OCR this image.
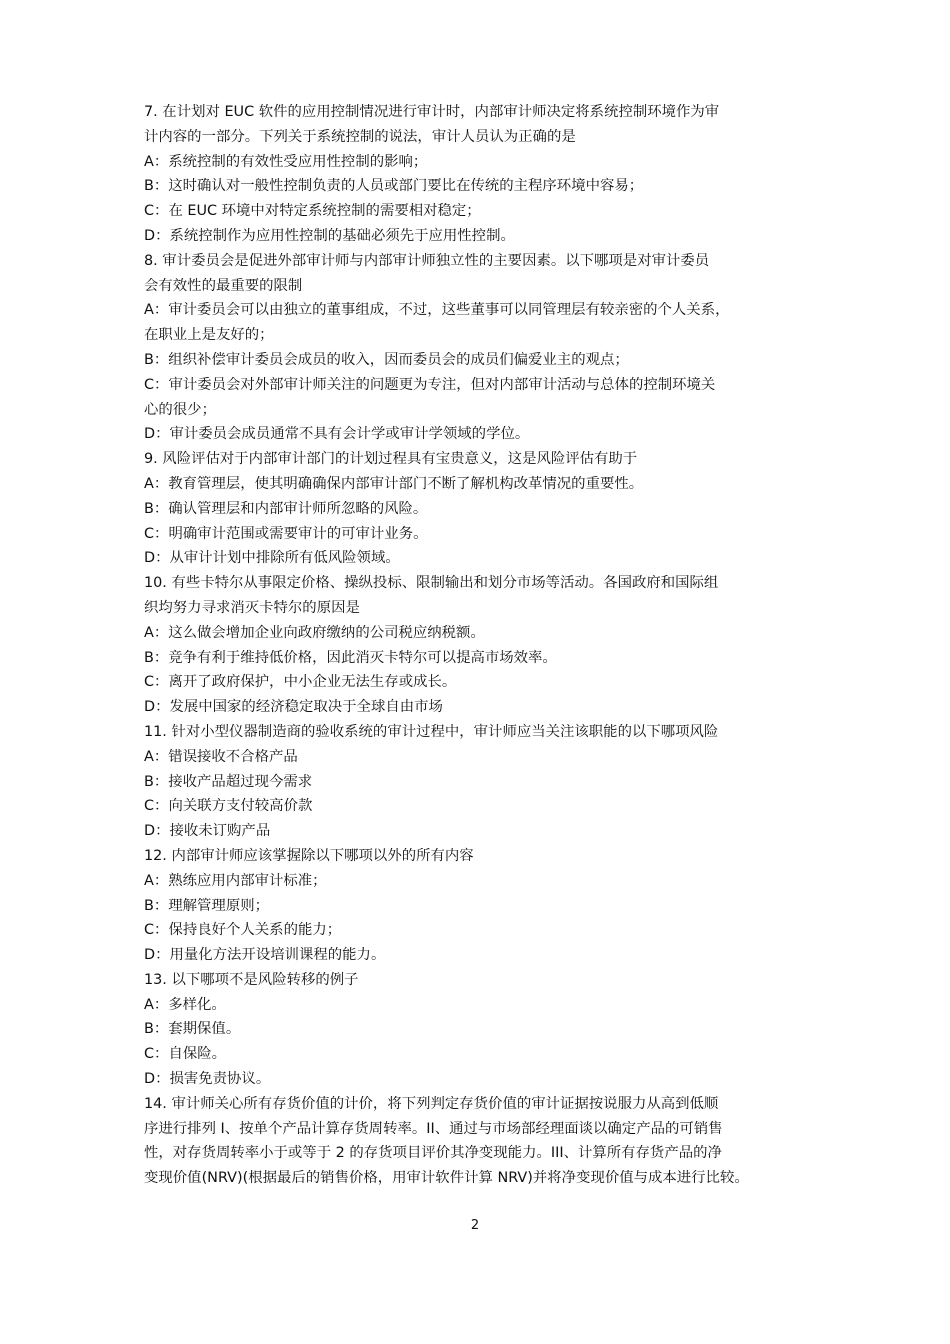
7. 在计划对 EUC 软件的应用控制情况进行审计时，内部审计师决定将系统控制环境作为审
计内容的一部分。下列关于系统控制的说法，审计人员认为正确的是
A：系统控制的有效性受应用性控制的影响；
B：这时确认对一般性控制负责的人员或部门要比在传统的主程序环境中容易；
C：在 EUC 环境中对特定系统控制的需要相对稳定；
D：系统控制作为应用性控制的基础必须先于应用性控制。
8. 审计委员会是促进外部审计师与内部审计师独立性的主要因素。以下哪项是对审计委员
会有效性的最重要的限制
A：审计委员会可以由独立的董事组成，不过，这些董事可以同管理层有较亲密的个人关系，
在职业上是友好的；
B：组织补偿审计委员会成员的收入，因而委员会的成员们偏爱业主的观点；
C：审计委员会对外部审计师关注的问题更为专注，但对内部审计活动与总体的控制环境关
心的很少；
D：审计委员会成员通常不具有会计学或审计学领域的学位。
9. 风险评估对于内部审计部门的计划过程具有宝贵意义，这是风险评估有助于
A：教育管理层，使其明确确保内部审计部门不断了解机构改革情况的重要性。
B：确认管理层和内部审计师所忽略的风险。
C：明确审计范围或需要审计的可审计业务。
D：从审计计划中排除所有低风险领域。
10. 有些卡特尔从事限定价格、操纵投标、限制输出和划分市场等活动。各国政府和国际组
织均努力寻求消灭卡特尔的原因是
A：这么做会增加企业向政府缴纳的公司税应纳税额。
B：竞争有利于维持低价格，因此消灭卡特尔可以提高市场效率。
C：离开了政府保护，中小企业无法生存或成长。
D：发展中国家的经济稳定取决于全球自由市场
11. 针对小型仪器制造商的验收系统的审计过程中，审计师应当关注该职能的以下哪项风险
A：错误接收不合格产品
B：接收产品超过现今需求
C：向关联方支付较高价款
D：接收未订购产品
12. 内部审计师应该掌握除以下哪项以外的所有内容
A：熟练应用内部审计标准；
B：理解管理原则；
C：保持良好个人关系的能力；
D：用量化方法开设培训课程的能力。
13. 以下哪项不是风险转移的例子
A：多样化。
B：套期保值。
C：自保险。
D：损害免责协议。
14. 审计师关心所有存货价值的计价，将下列判定存货价值的审计证据按说服力从高到低顺
序进行排列 I、按单个产品计算存货周转率。II、通过与市场部经理面谈以确定产品的可销售
性，对存货周转率小于或等于 2 的存货项目评价其净变现能力。III、计算所有存货产品的净
变现价值(NRV)(根据最后的销售价格，用审计软件计算 NRV)并将净变现价值与成本进行比较。
2
